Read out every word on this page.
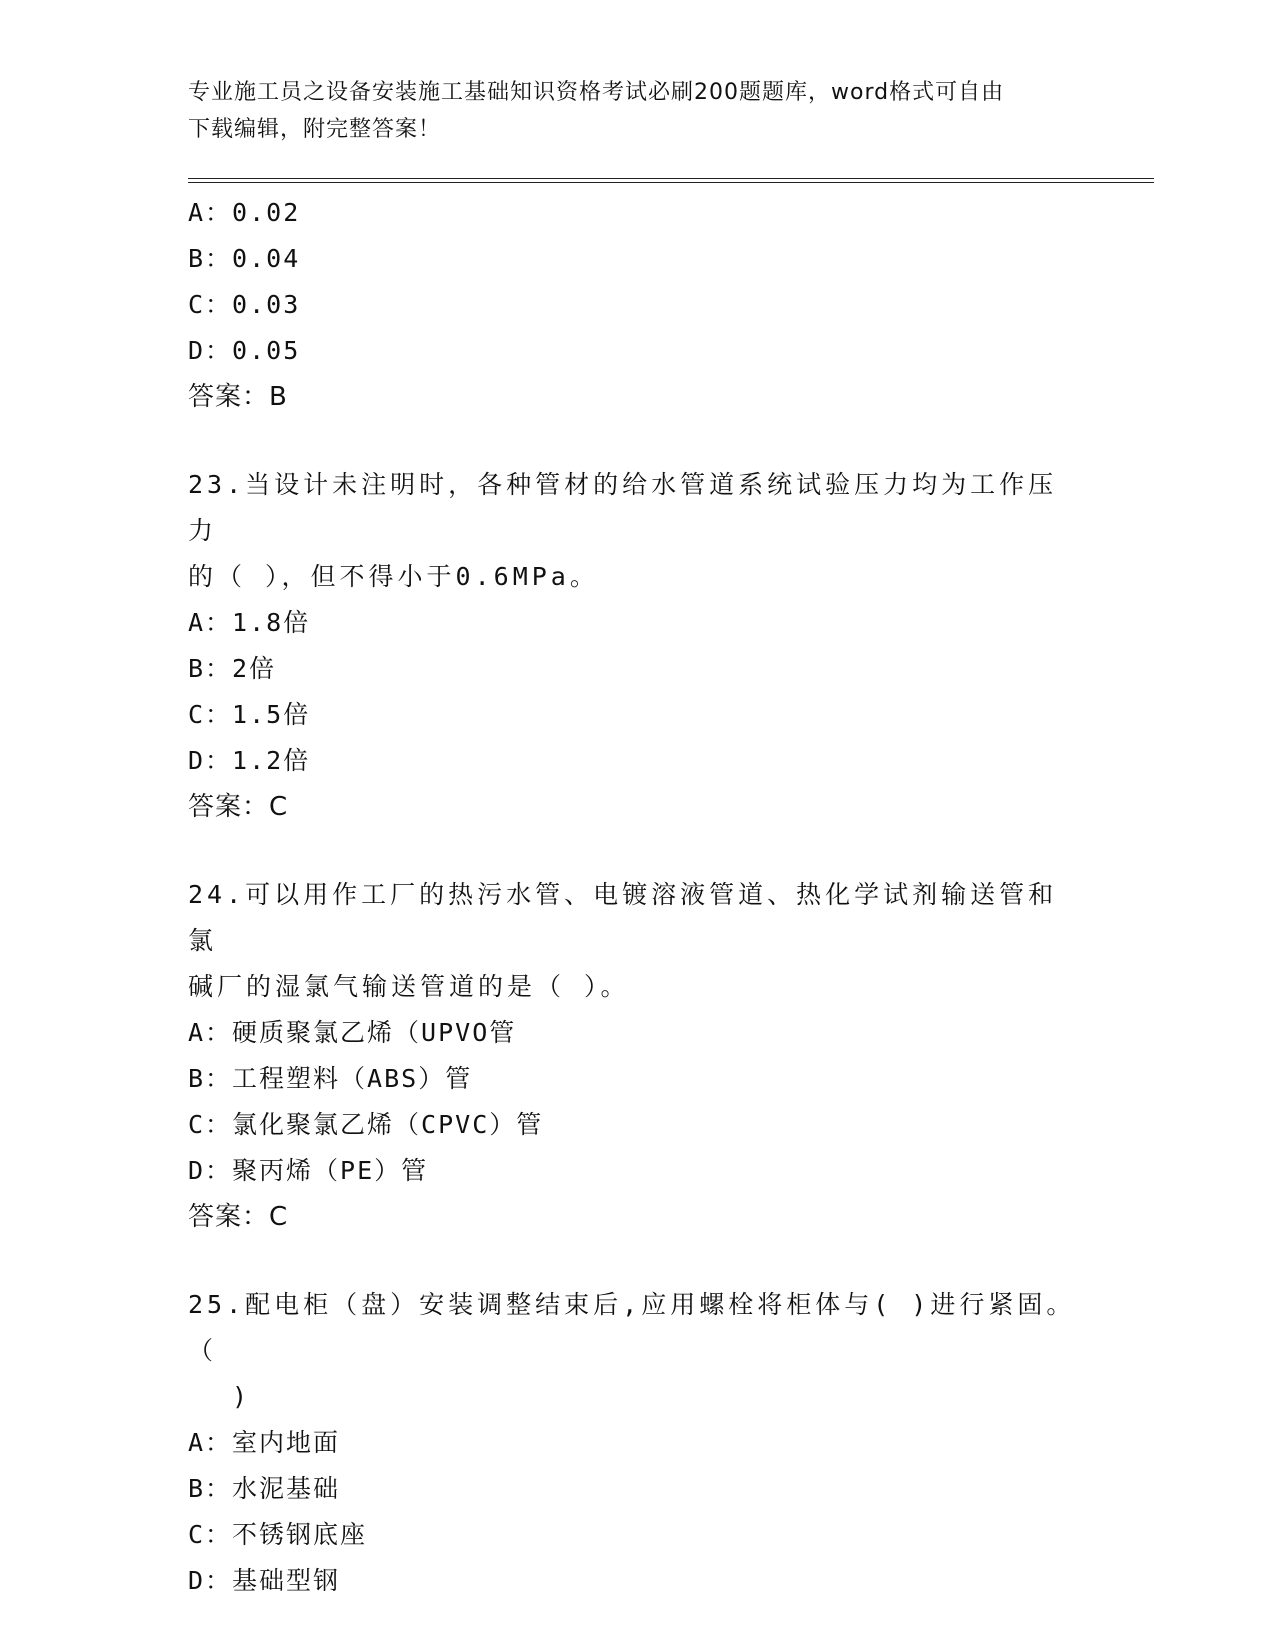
专业施工员之设备安装施工基础知识资格考试必刷200题题库，word格式可自由
下载编辑，附完整答案！
A：0.02
B：0.04
C：0.03
D：0.05
答案：B
23.当设计未注明时，各种管材的给水管道系统试验压力均为工作压力
的（ ），但不得小于0.6MPa。
A：1.8倍
B：2倍
C：1.5倍
D：1.2倍
答案：C
24.可以用作工厂的热污水管、电镀溶液管道、热化学试剂输送管和氯
碱厂的湿氯气输送管道的是（ ）。
A：硬质聚氯乙烯（UPVO管
B：工程塑料（ABS）管
C：氯化聚氯乙烯（CPVC）管
D：聚丙烯（PE）管
答案：C
25.配电柜（盘）安装调整结束后,应用螺栓将柜体与( )进行紧固。（
)
A：室内地面
B：水泥基础
C：不锈钢底座
D：基础型钢
